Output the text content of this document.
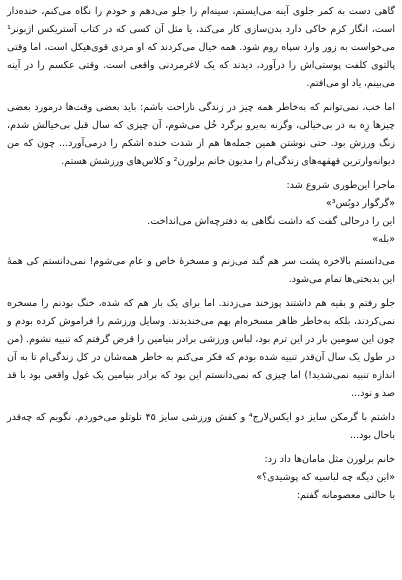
گاهی دست به کمر جلوی آینه می‌ایستم، سینه‌ام را جلو می‌دهم و خودم را نگاه می‌کنم، خنده‌دار است، انگار کرم خاکی دارد بدن‌سازی کار می‌کند، یا مثل آن کسی که در کتاب آستریکس اژبونر¹ می‌خواست به زور وارد سپاه روم شود. همه خیال می‌کردند که او مردی قوی‌هیکل است، اما وقتی پالتوی کلفت پوستی‌اش را درآورد، دیدند که یک لاغرمردنی واقعی است. وقتی عکسم را در آینه می‌بینم، یاد او می‌افتم.

اما خب، نمی‌توانم که به‌خاطر همه چیز در زندگی ناراحت باشم: باید بعضی وقت‌ها درمورد بعضی چیزها زِه به در بی‌خیالی، وگرنه به‌یرو برگرد خُل می‌شوم، آن چیزی که سال قبل بی‌خیالش شدم، زنگ ورزش بود. حتی نوشتن همین جمله‌ها هم از شدت خنده اشکم را درمی‌آورد... چون که من دیوانه‌وارترین قهقهه‌های زندگی‌ام را مدیون خانم برلورن² و کلاس‌های ورزشش هستم.

ماجرا این‌طوری شروع شد:

«گرگوار دوبُس³»

این را درحالی گفت که داشت نگاهی به دفترچه‌اش می‌انداخت.

«بله»

می‌دانستم بالاخره پشت سر هم گند می‌زنم و مسخره‌ٔ خاص و عام می‌شوم! نمی‌دانستم کی همهٔ این بدبختی‌ها تمام می‌شود.

جلو رفتم و بقیه هم داشتند پوزخند می‌زدند. اما برای یک بار هم که شده، خنگ بودنم را مسخره نمی‌کردند، بلکه به‌خاطر ظاهر مسخره‌ام بهم می‌خندیدند. وسایل ورزشم را فراموش کرده بودم و چون این سومین بار در این ترم بود، لباس ورزشی برادر بنیامین را قرض گرفتم که تنبیه نشوم. (من در طول یک سال آن‌قدر تنبیه شده بودم که فکر می‌کنم به خاطر همه‌شان در کل زندگی‌ام تا به آن اندازه تنبیه نمی‌شدید!) اما چیزی که نمی‌دانستم این بود که برادر بنیامین یک غول واقعی بود با قد صد و نود...

داشتم با گرمکن سایز دو ایکس‌لارج⁴ و کفش ورزشی سایز ۴۵ تلوتلو می‌خوردم. نگویم که چه‌قدر باحال بود...

خانم برلورن مثل مامان‌ها داد زد:

«این دیگه چه لباسیه که پوشیدی؟»

با حالتی معصومانه گفتم:
